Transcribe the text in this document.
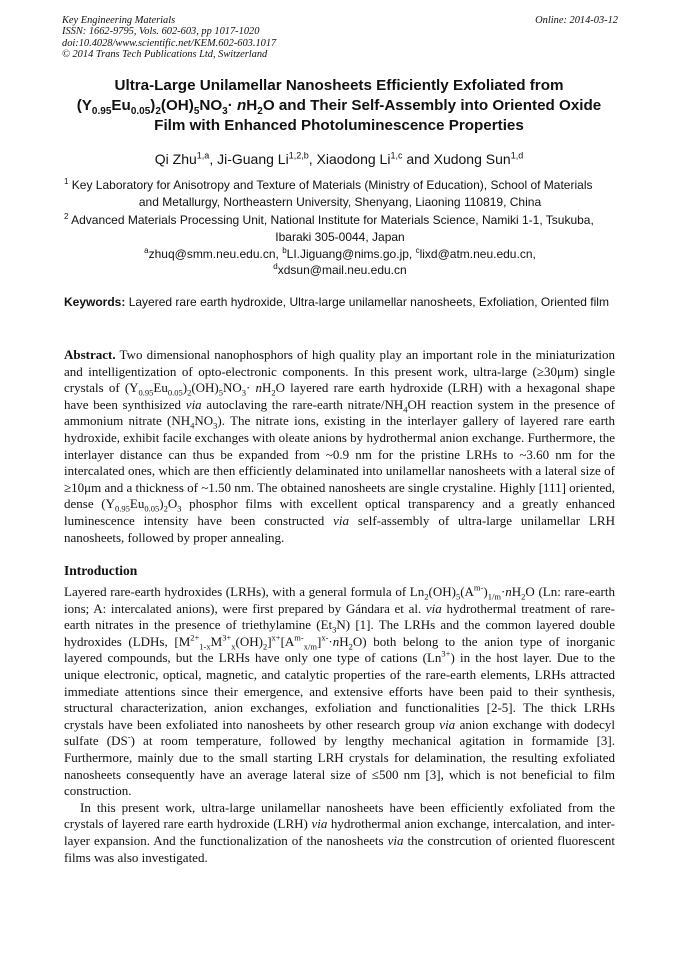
Key Engineering Materials
ISSN: 1662-9795, Vols. 602-603, pp 1017-1020
doi:10.4028/www.scientific.net/KEM.602-603.1017
© 2014 Trans Tech Publications Ltd, Switzerland
Online: 2014-03-12
Ultra-Large Unilamellar Nanosheets Efficiently Exfoliated from
$(Y_{0.95}Eu_{0.05})_2(OH)_5NO_3\cdot nH_2O$ and Their Self-Assembly into Oriented Oxide
Film with Enhanced Photoluminescence Properties
Qi Zhu$^{1,a}$, Ji-Guang Li$^{1,2,b}$, Xiaodong Li$^{1,c}$ and Xudong Sun$^{1,d}$
$^1$ Key Laboratory for Anisotropy and Texture of Materials (Ministry of Education), School of Materials
and Metallurgy, Northeastern University, Shenyang, Liaoning 110819, China
$^2$ Advanced Materials Processing Unit, National Institute for Materials Science, Namiki 1-1, Tsukuba,
Ibaraki 305-0044, Japan
$^a$zhuq@smm.neu.edu.cn, $^b$LI.Jiguang@nims.go.jp, $^c$lixd@atm.neu.edu.cn,
$^d$xdsun@mail.neu.edu.cn
Keywords: Layered rare earth hydroxide, Ultra-large unilamellar nanosheets, Exfoliation, Oriented film
Abstract. Two dimensional nanophosphors of high quality play an important role in the miniaturization and intelligentization of opto-electronic components. In this present work, ultra-large (≥30μm) single crystals of $(Y_{0.95}Eu_{0.05})_2(OH)_5NO_3\cdot nH_2O$ layered rare earth hydroxide (LRH) with a hexagonal shape have been synthisized via autoclaving the rare-earth nitrate/$NH_4OH$ reaction system in the presence of ammonium nitrate $(NH_4NO_3)$. The nitrate ions, existing in the interlayer gallery of layered rare earth hydroxide, exhibit facile exchanges with oleate anions by hydrothermal anion exchange. Furthermore, the interlayer distance can thus be expanded from ~0.9 nm for the pristine LRHs to ~3.60 nm for the intercalated ones, which are then efficiently delaminated into unilamellar nanosheets with a lateral size of ≥10μm and a thickness of ~1.50 nm. The obtained nanosheets are single crystaline. Highly [111] oriented, dense $(Y_{0.95}Eu_{0.05})_2O_3$ phosphor films with excellent optical transparency and a greatly enhanced luminescence intensity have been constructed via self-assembly of ultra-large unilamellar LRH nanosheets, followed by proper annealing.
Introduction

Layered rare-earth hydroxides (LRHs), with a general formula of $Ln_2(OH)_5(A^{m-})_{1/m}\cdot nH_2O$ (Ln: rare-earth ions; A: intercalated anions), were first prepared by Gándara et al. via hydrothermal treatment of rare-earth nitrates in the presence of triethylamine $(Et_3N)$ [1]. The LRHs and the common layered double hydroxides (LDHs, $[M^{2+}_{1-x}M^{3+}_x(OH)_2]^{x+}[A^{m-}_{x/m}]^{x-}\cdot nH_2O$) both belong to the anion type of inorganic layered compounds, but the LRHs have only one type of cations $(Ln^{3+})$ in the host layer. Due to the unique electronic, optical, magnetic, and catalytic properties of the rare-earth elements, LRHs attracted immediate attentions since their emergence, and extensive efforts have been paid to their synthesis, structural characterization, anion exchanges, exfoliation and functionalities [2-5]. The thick LRHs crystals have been exfoliated into nanosheets by other research group via anion exchange with dodecyl sulfate (DS-) at room temperature, followed by lengthy mechanical agitation in formamide [3]. Furthermore, mainly due to the small starting LRH crystals for delamination, the resulting exfoliated nanosheets consequently have an average lateral size of ≤500 nm [3], which is not beneficial to film construction.

In this present work, ultra-large unilamellar nanosheets have been efficiently exfoliated from the crystals of layered rare earth hydroxide (LRH) via hydrothermal anion exchange, intercalation, and inter-layer expansion. And the functionalization of the nanosheets via the constrcution of oriented fluorescent films was also investigated.
